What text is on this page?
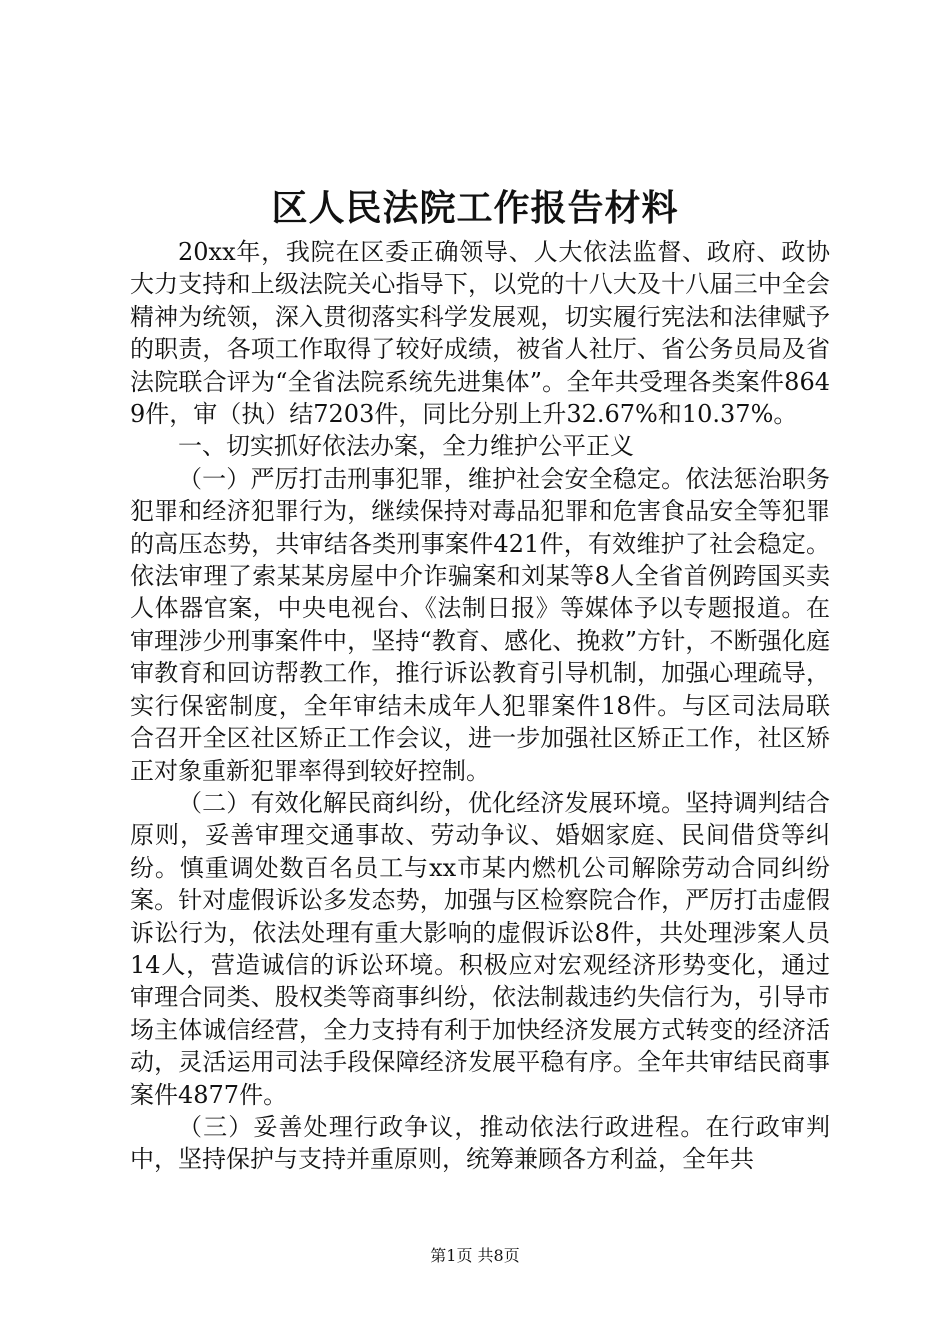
区人民法院工作报告材料

20xx年，我院在区委正确领导、人大依法监督、政府、政协大力支持和上级法院关心指导下，以党的十八大及十八届三中全会精神为统领，深入贯彻落实科学发展观，切实履行宪法和法律赋予的职责，各项工作取得了较好成绩，被省人社厅、省公务员局及省法院联合评为“全省法院系统先进集体”。全年共受理各类案件8649件，审（执）结7203件，同比分别上升32.67%和10.37%。

一、切实抓好依法办案，全力维护公平正义

（一）严厉打击刑事犯罪，维护社会安全稳定。依法惩治职务犯罪和经济犯罪行为，继续保持对毒品犯罪和危害食品安全等犯罪的高压态势，共审结各类刑事案件421件，有效维护了社会稳定。依法审理了索某某房屋中介诈骗案和刘某等8人全省首例跨国买卖人体器官案，中央电视台、《法制日报》等媒体予以专题报道。在审理涉少刑事案件中，坚持“教育、感化、挽救”方针，不断强化庭审教育和回访帮教工作，推行诉讼教育引导机制，加强心理疏导，实行保密制度，全年审结未成年人犯罪案件18件。与区司法局联合召开全区社区矫正工作会议，进一步加强社区矫正工作，社区矫正对象重新犯罪率得到较好控制。

（二）有效化解民商纠纷，优化经济发展环境。坚持调判结合原则，妥善审理交通事故、劳动争议、婚姻家庭、民间借贷等纠纷。慎重调处数百名员工与xx市某内燃机公司解除劳动合同纠纷案。针对虚假诉讼多发态势，加强与区检察院合作，严厉打击虚假诉讼行为，依法处理有重大影响的虚假诉讼8件，共处理涉案人员14人，营造诚信的诉讼环境。积极应对宏观经济形势变化，通过审理合同类、股权类等商事纠纷，依法制裁违约失信行为，引导市场主体诚信经营，全力支持有利于加快经济发展方式转变的经济活动，灵活运用司法手段保障经济发展平稳有序。全年共审结民商事案件4877件。

（三）妥善处理行政争议，推动依法行政进程。在行政审判中，坚持保护与支持并重原则，统筹兼顾各方利益，全年共

第1页 共8页
